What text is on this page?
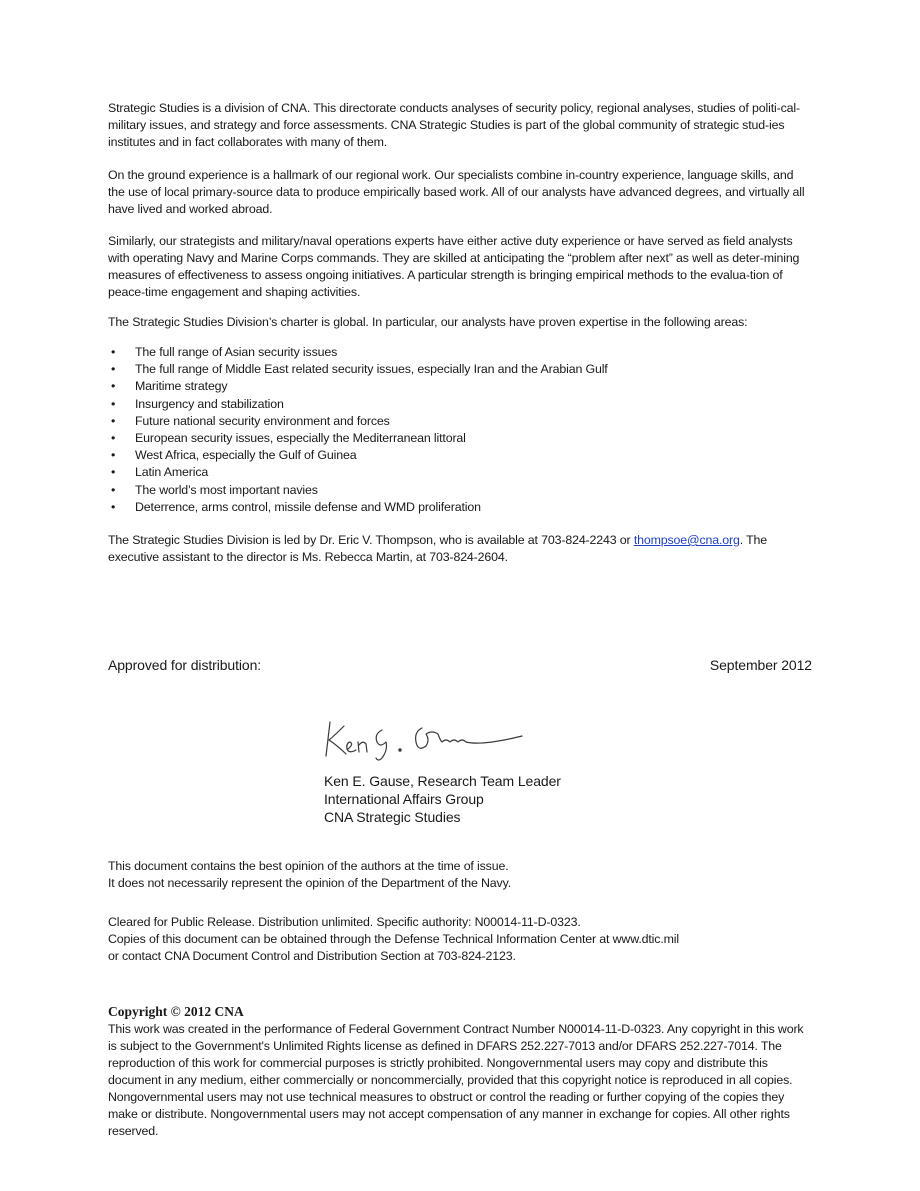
Strategic Studies is a division of CNA. This directorate conducts analyses of security policy, regional analyses, studies of politi-cal-military issues, and strategy and force assessments. CNA Strategic Studies is part of the global community of strategic stud-ies institutes and in fact collaborates with many of them.

On the ground experience is a hallmark of our regional work. Our specialists combine in-country experience, language skills, and the use of local primary-source data to produce empirically based work. All of our analysts have advanced degrees, and virtually all have lived and worked abroad.

Similarly, our strategists and military/naval operations experts have either active duty experience or have served as field analysts with operating Navy and Marine Corps commands. They are skilled at anticipating the “problem after next” as well as deter-mining measures of effectiveness to assess ongoing initiatives. A particular strength is bringing empirical methods to the evalua-tion of peace-time engagement and shaping activities.

The Strategic Studies Division’s charter is global. In particular, our analysts have proven expertise in the following areas:

• The full range of Asian security issues
• The full range of Middle East related security issues, especially Iran and the Arabian Gulf
• Maritime strategy
• Insurgency and stabilization
• Future national security environment and forces
• European security issues, especially the Mediterranean littoral
• West Africa, especially the Gulf of Guinea
• Latin America
• The world’s most important navies
• Deterrence, arms control, missile defense and WMD proliferation

The Strategic Studies Division is led by Dr. Eric V. Thompson, who is available at 703-824-2243 or thompsoe@cna.org. The executive assistant to the director is Ms. Rebecca Martin, at 703-824-2604.

Approved for distribution:	September 2012
Ken E. Gause, Research Team Leader
International Affairs Group
CNA Strategic Studies
This document contains the best opinion of the authors at the time of issue.
It does not necessarily represent the opinion of the Department of the Navy.
Cleared for Public Release. Distribution unlimited. Specific authority: N00014-11-D-0323.
Copies of this document can be obtained through the Defense Technical Information Center at www.dtic.mil
or contact CNA Document Control and Distribution Section at 703-824-2123.

Copyright © 2012 CNA

This work was created in the performance of Federal Government Contract Number N00014-11-D-0323. Any copyright in this work is subject to the Government's Unlimited Rights license as defined in DFARS 252.227-7013 and/or DFARS 252.227-7014. The reproduction of this work for commercial purposes is strictly prohibited. Nongovernmental users may copy and distribute this document in any medium, either commercially or noncommercially, provided that this copyright notice is reproduced in all copies. Nongovernmental users may not use technical measures to obstruct or control the reading or further copying of the copies they make or distribute. Nongovernmental users may not accept compensation of any manner in exchange for copies. All other rights reserved.
